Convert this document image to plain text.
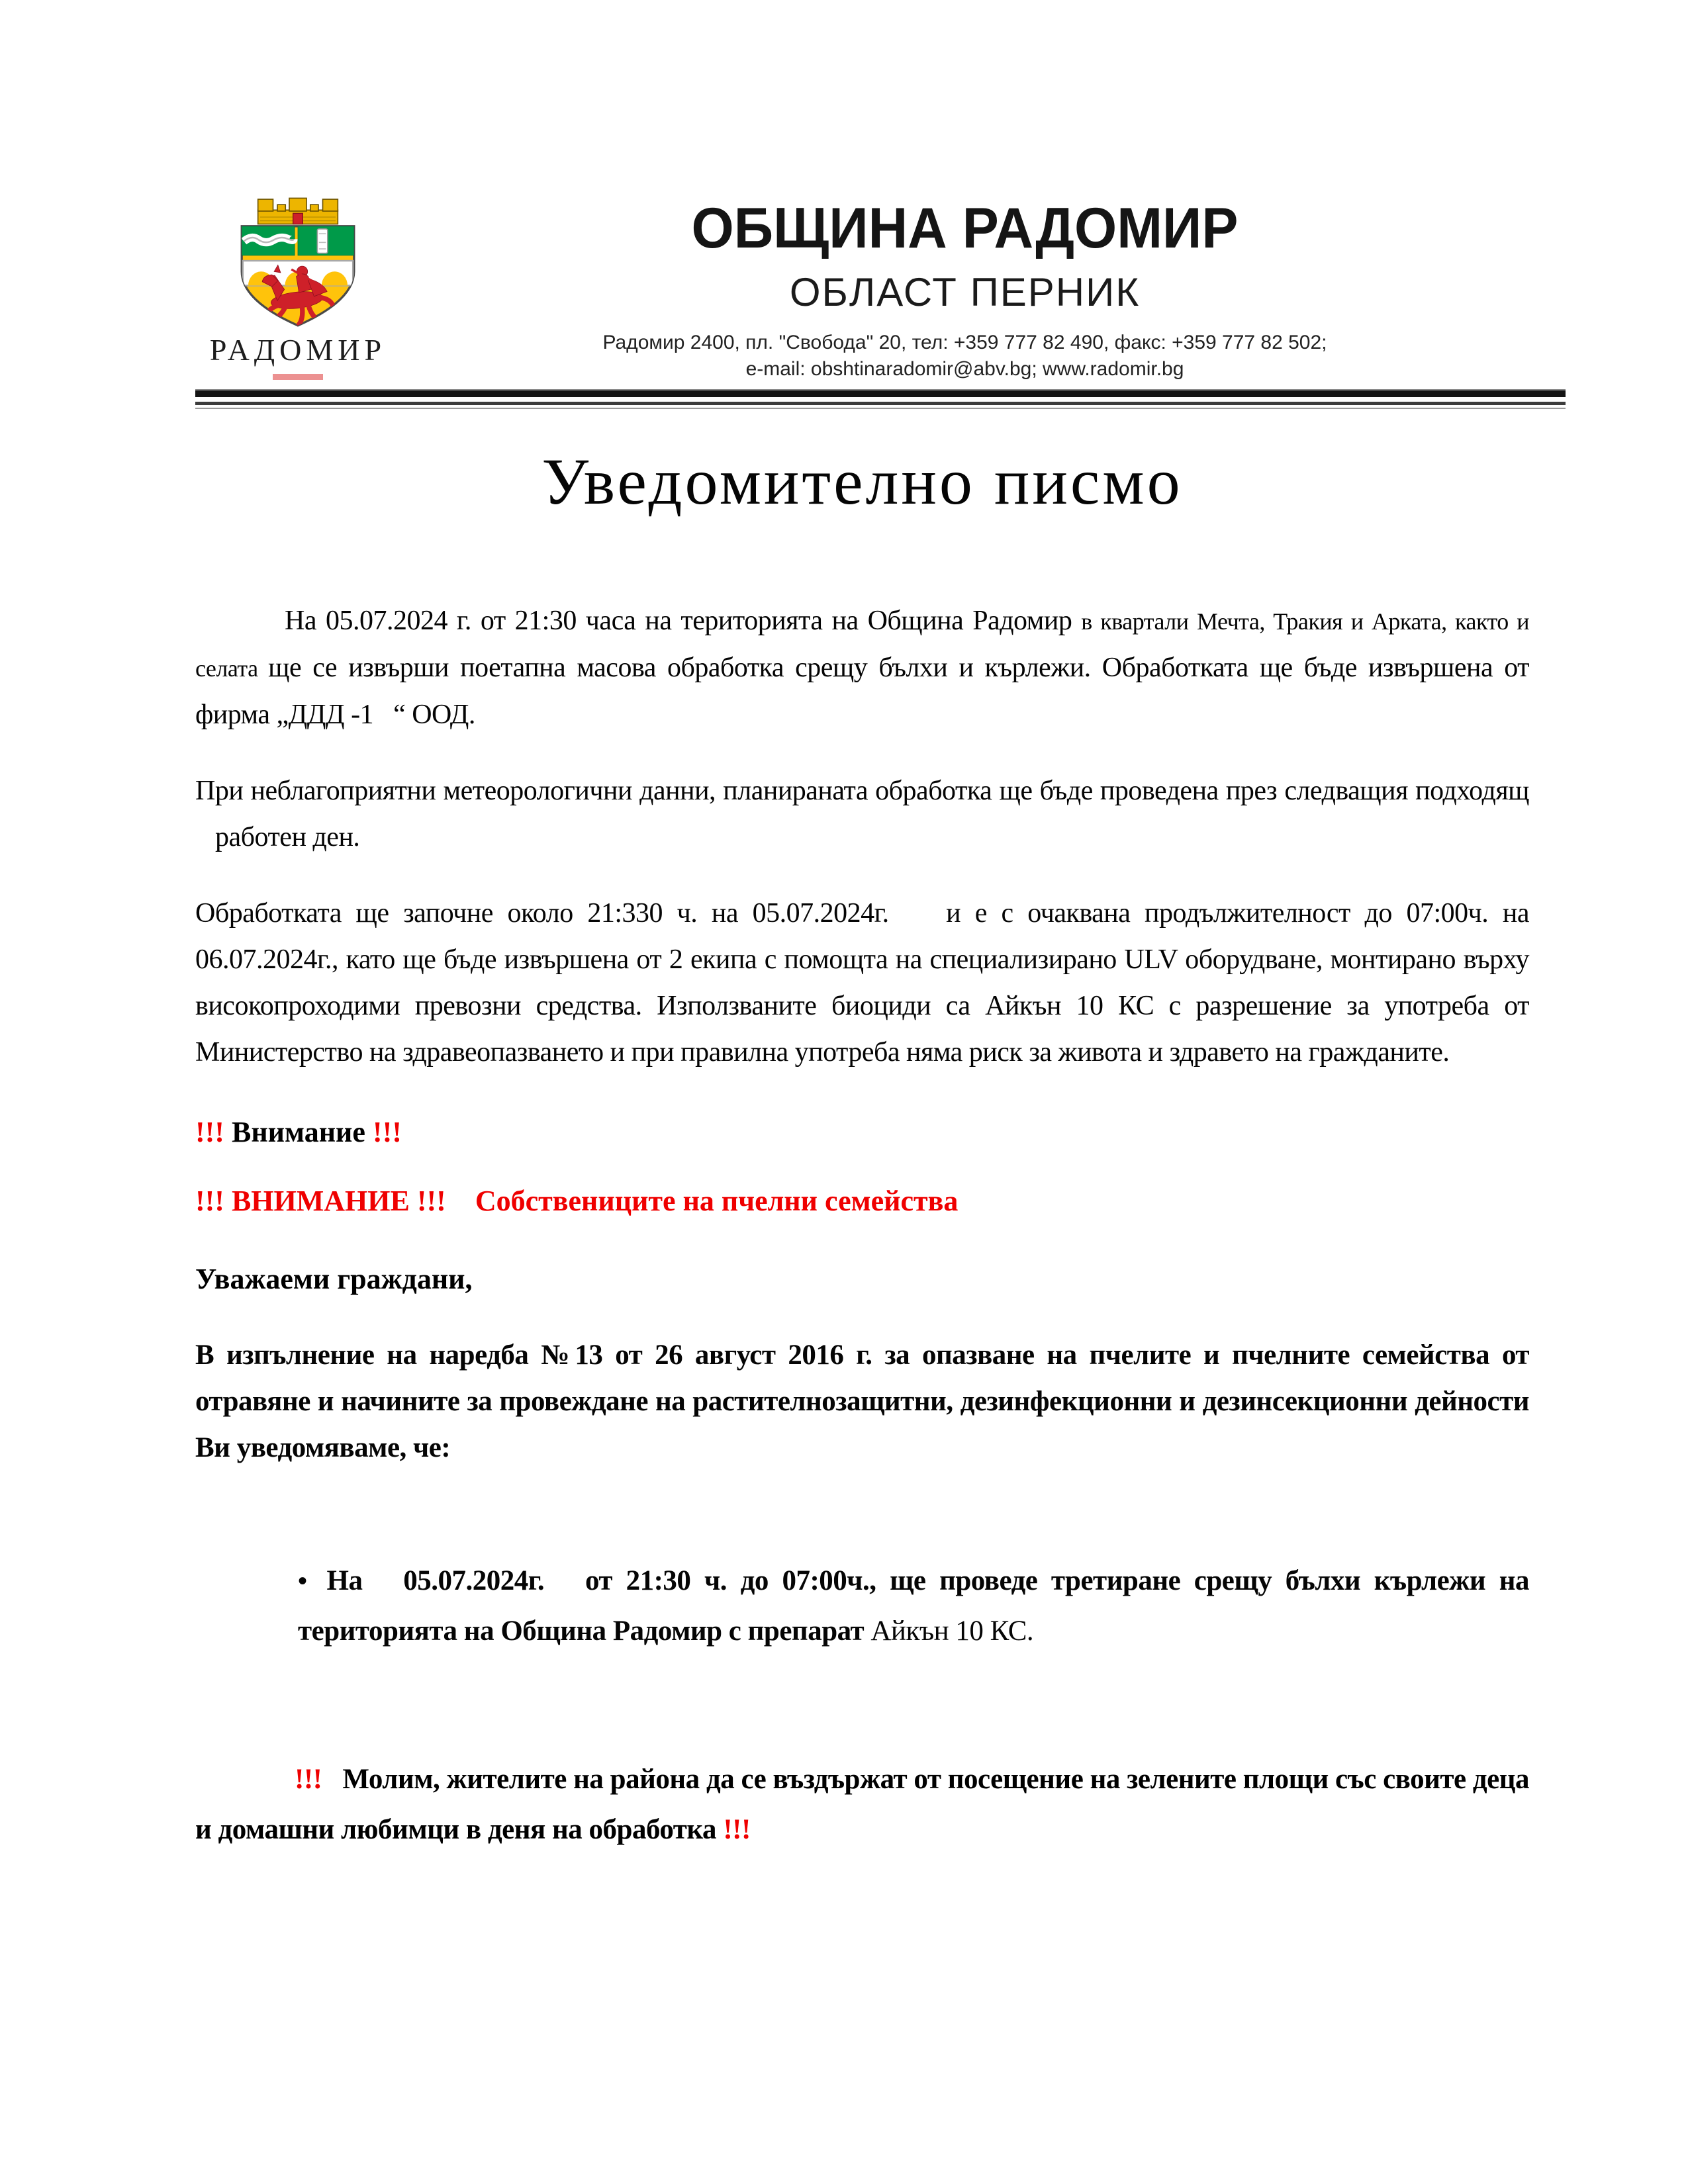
РАДОМИР
ОБЩИНА РАДОМИР
ОБЛАСТ ПЕРНИК
Радомир 2400, пл. "Свобода" 20, тел: +359 777 82 490, факс: +359 777 82 502;
e-mail: obshtinaradomir@abv.bg; www.radomir.bg
Уведомително писмо

На 05.07.2024 г. от 21:30 часа на територията на Община Радомир в квартали Мечта, Тракия и Арката, както и селата ще се извърши поетапна масова обработка срещу бълхи и кърлежи. Обработката ще бъде извършена от фирма „ДДД -1   “ ООД.

При неблагоприятни метеорологични данни, планираната обработка ще бъде проведена през следващия подходящ    работен ден.

Обработката ще започне около 21:330 ч. на 05.07.2024г.    и е с очаквана продължителност до 07:00ч. на 06.07.2024г., като ще бъде извършена от 2 екипа с помощта на специализирано ULV оборудване, монтирано върху високопроходими превозни средства. Използваните биоциди са Айкън 10 КС с разрешение за употреба от Министерство на здравеопазването и при правилна употреба няма риск за живота и здравето на гражданите.

!!! Внимание !!!

!!! ВНИМАНИЕ !!!    Собствениците на пчелни семейства

Уважаеми граждани,

В изпълнение на наредба №13 от 26 август 2016 г. за опазване на пчелите и пчелните семейства от отравяне и начините за провеждане на растителнозащитни, дезинфекционни и дезинсекционни дейности Ви уведомяваме, че:

• На   05.07.2024г.   от 21:30 ч. до 07:00ч., ще проведе третиране срещу бълхи кърлежи на територията на Община Радомир с препарат Айкън 10 КС.

!!!   Молим, жителите на района да се въздържат от посещение на зелените площи със своите деца и домашни любимци в деня на обработка !!!
